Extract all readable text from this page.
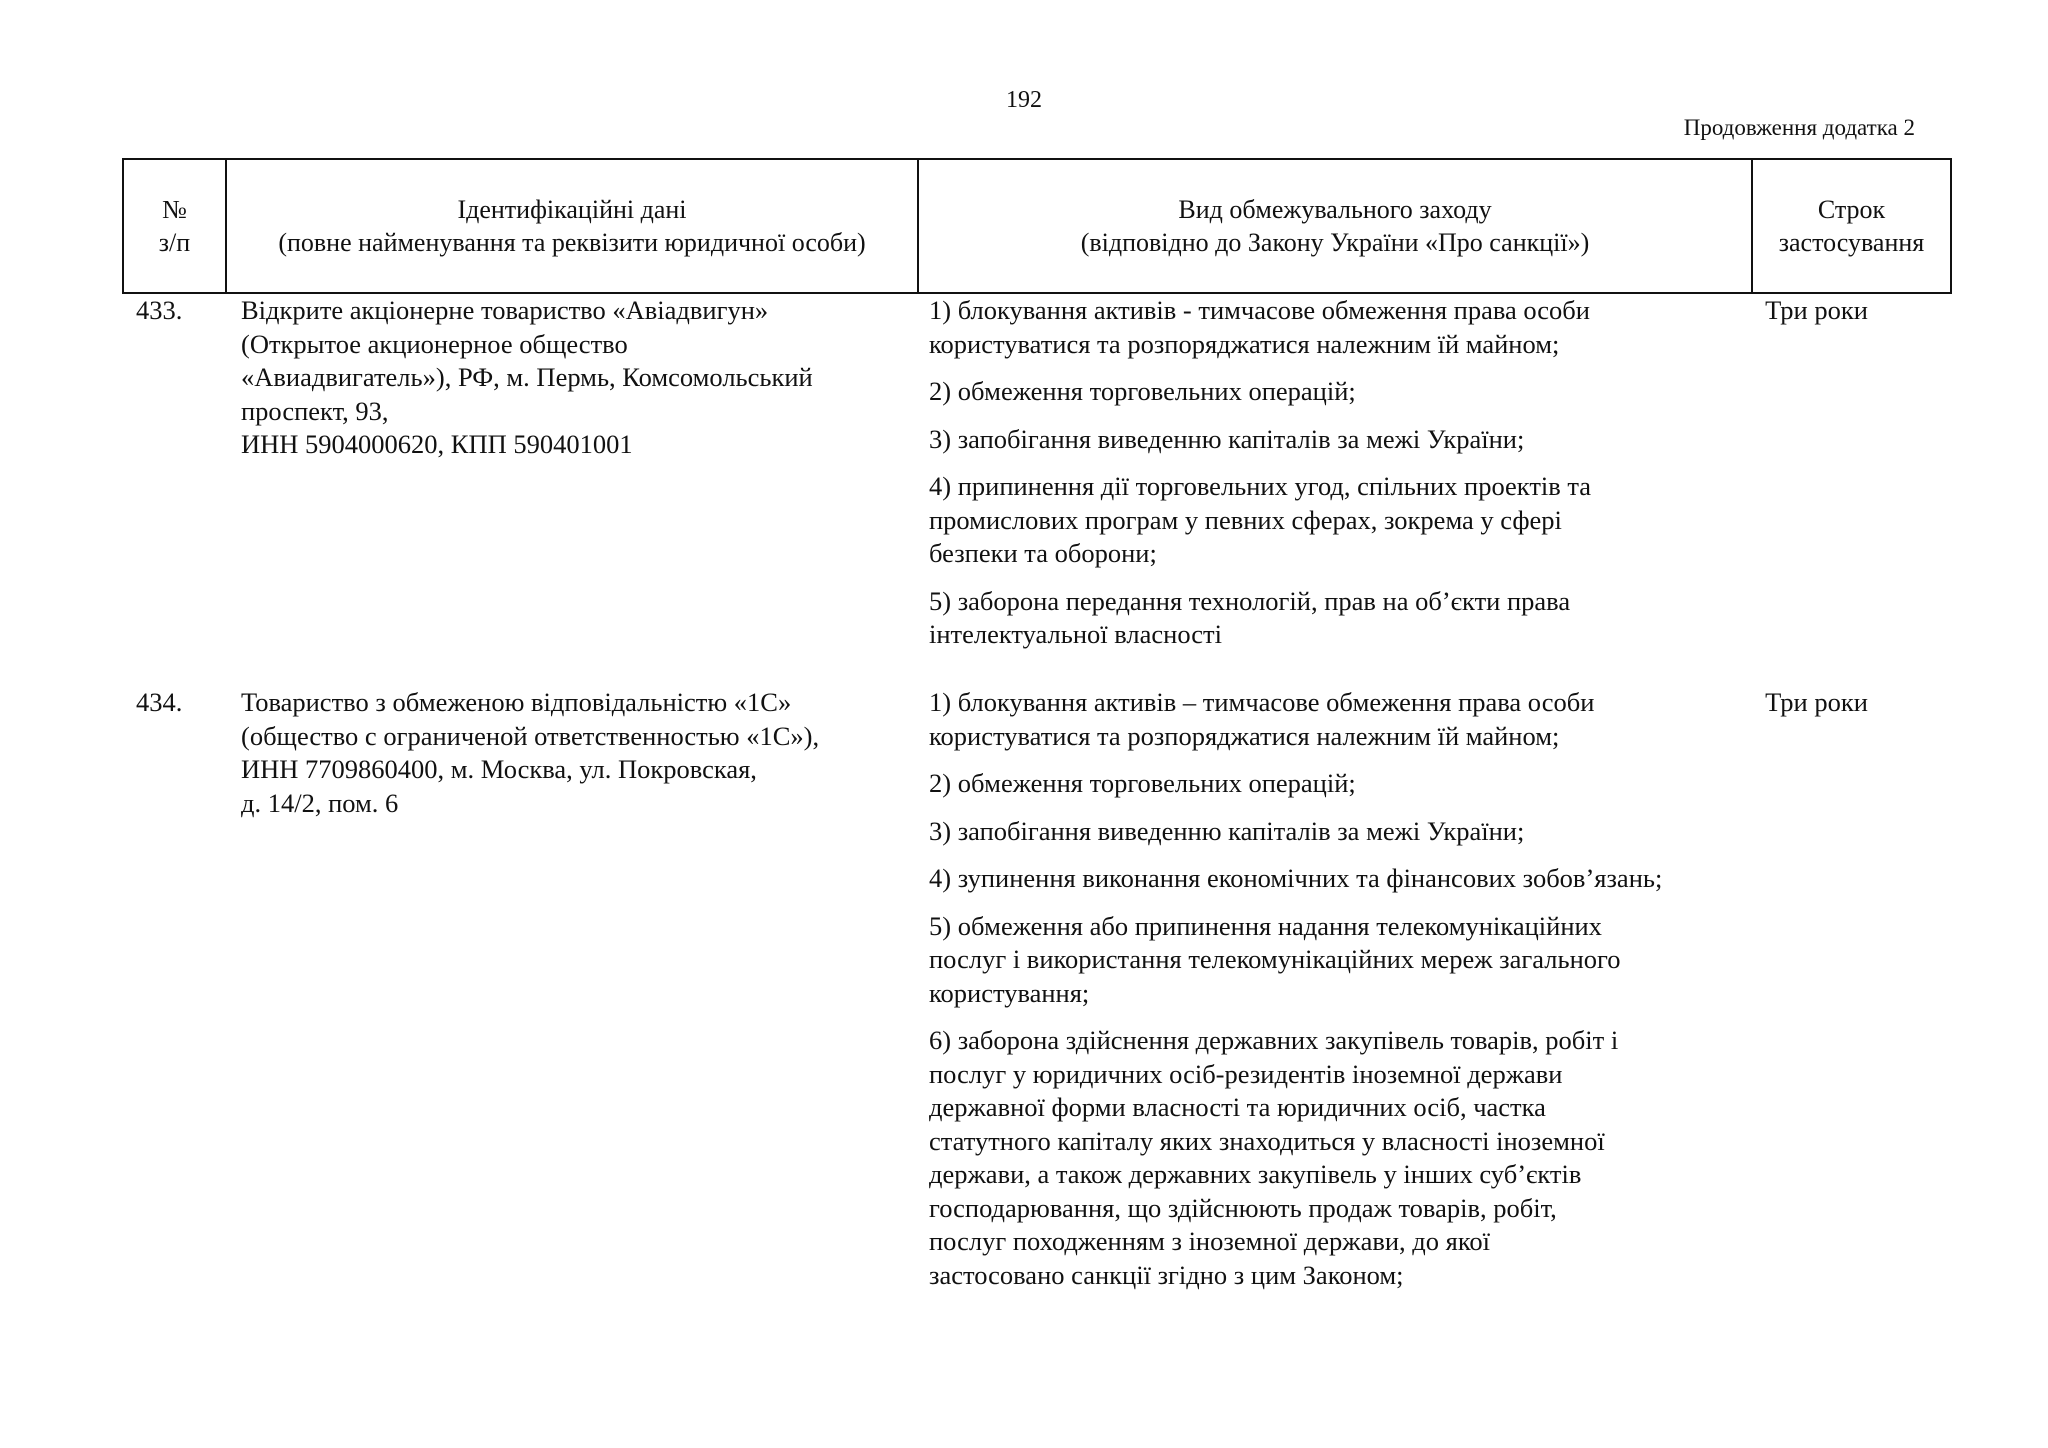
192
Продовження додатка 2
№
з/п
Ідентифікаційні дані
(повне найменування та реквізити юридичної особи)
Вид обмежувального заходу
(відповідно до Закону України «Про санкції»)
Строк
застосування
433.	Відкрите акціонерне товариство «Авіадвигун»
(Открытое акционерное общество
«Авиадвигатель»), РФ, м. Пермь, Комсомольський
проспект, 93,
ИНН 5904000620, КПП 590401001
1) блокування активів - тимчасове обмеження права особи
користуватися та розпоряджатися належним їй майном;
2) обмеження торговельних операцій;
3) запобігання виведенню капіталів за межі України;
4) припинення дії торговельних угод, спільних проектів та
промислових програм у певних сферах, зокрема у сфері
безпеки та оборони;
5) заборона передання технологій, прав на об’єкти права
інтелектуальної власності
Три роки
434.	Товариство з обмеженою відповідальністю «1С»
(общество с ограниченой ответственностью «1С»),
ИНН 7709860400, м. Москва, ул. Покровская,
д. 14/2, пом. 6
1) блокування активів – тимчасове обмеження права особи
користуватися та розпоряджатися належним їй майном;
2) обмеження торговельних операцій;
3) запобігання виведенню капіталів за межі України;
4) зупинення виконання економічних та фінансових зобов’язань;
5) обмеження або припинення надання телекомунікаційних
послуг і використання телекомунікаційних мереж загального
користування;
6) заборона здійснення державних закупівель товарів, робіт і
послуг у юридичних осіб-резидентів іноземної держави
державної форми власності та юридичних осіб, частка
статутного капіталу яких знаходиться у власності іноземної
держави, а також державних закупівель у інших суб’єктів
господарювання, що здійснюють продаж товарів, робіт,
послуг походженням з іноземної держави, до якої
застосовано санкції згідно з цим Законом;
Три роки
